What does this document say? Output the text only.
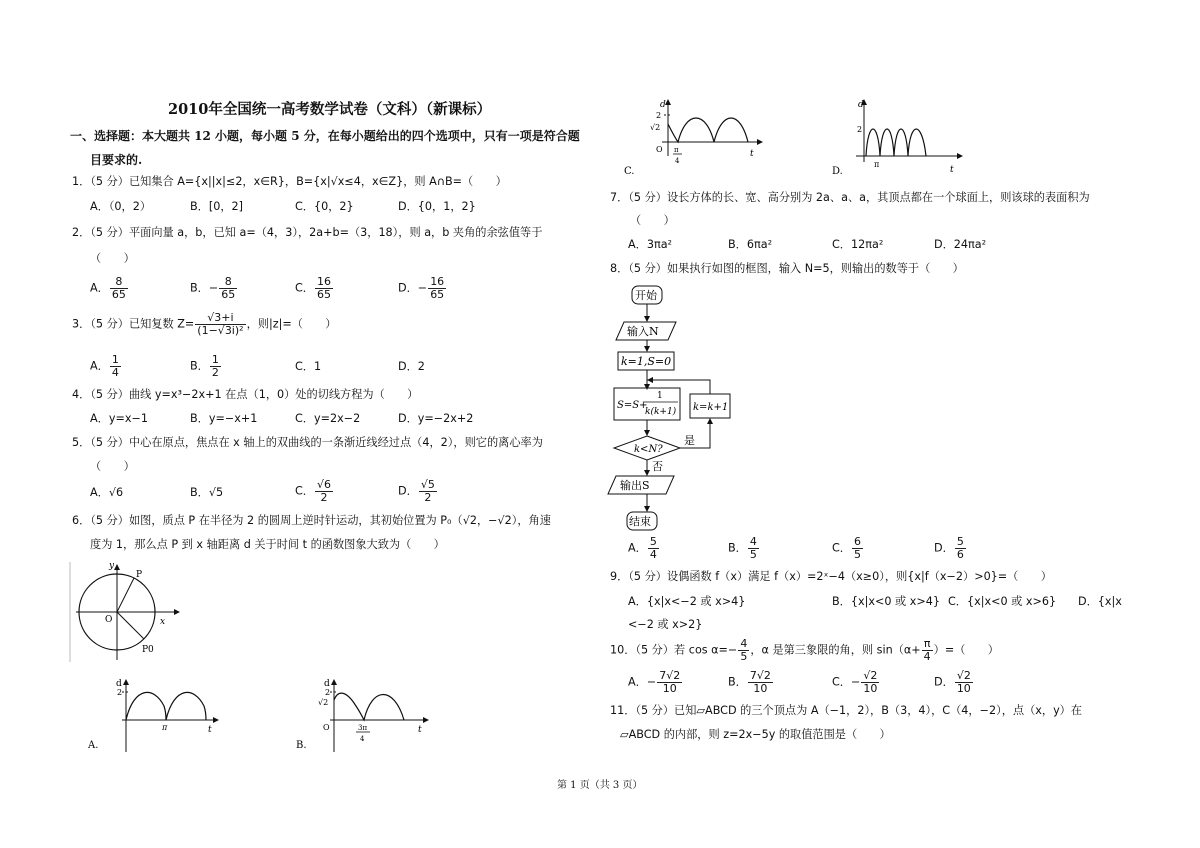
2010年全国统一高考数学试卷（文科）（新课标）
一、选择题：本大题共 12 小题，每小题 5 分，在每小题给出的四个选项中，只有一项是符合题
目要求的.
1．（5 分）已知集合 A={x||x|≤2，x∈R}，B={x|√x≤4，x∈Z}，则 A∩B=（　　）
A．（0，2）	B．[0，2]	C．{0，2}	D．{0，1，2}
2．（5 分）平面向量 a，b，已知 a=（4，3），2a+b=（3，18），则 a，b 夹角的余弦值等于
（　　）
A． $\frac{8}{65}$	B．− $\frac{8}{65}$	C． $\frac{16}{65}$	D．− $\frac{16}{65}$
3．（5 分）已知复数 $Z= \frac{√3+i}{\text{(1−√3i)²}}$ ，则|z|=（　　）
A． $\frac{1}{4}$	B． $\frac{1}{2}$	C．1	D．2
4．（5 分）曲线 y=x³−2x+1 在点（1，0）处的切线方程为（　　）
A．y=x−1	B．y=−x+1	C．y=2x−2	D．y=−2x+2
5．（5 分）中心在原点，焦点在 x 轴上的双曲线的一条渐近线经过点（4，2），则它的离心率为
（　　）
A．√6	B．√5	C． $\frac{√6}{2}$	D． $\frac{√5}{2}$
6．（5 分）如图，质点 P 在半径为 2 的圆周上逆时针运动，其初始位置为 P₀（√2，−√2），角速
度为 1，那么点 P 到 x 轴距离 d 关于时间 t 的函数图象大致为（　　）
y
x
O
P
P0
d
2
π	t
A.
d
2
√2
O	3π
4
t
B.
d
2
√2
O π
4
t
C.
d
2
π
t
D.
7．（5 分）设长方体的长、宽、高分别为 2a、a、a，其顶点都在一个球面上，则该球的表面积为
（　　）
A．3πa²	B．6πa²	C．12πa²	D．24πa²
8．（5 分）如果执行如图的框图，输入 N=5，则输出的数等于（　　）
开始
输入N
k=1,S=0
S=S+
1
k(k+1)
k<N?
是
k=k+1
否
输出S
结束
A． $\frac{5}{4}$	B． $\frac{4}{5}$	C． $\frac{6}{5}$	D． $\frac{5}{6}$
9．（5 分）设偶函数 f（x）满足 f（x）=2ˣ−4（x≥0），则{x|f（x−2）>0}=（　　）
A．{x|x<−2 或 x>4}	B．{x|x<0 或 x>4} C．{x|x<0 或 x>6} D．{x|x
<−2 或 x>2}
10．（5 分）若 $\cos \alpha=- \frac{4}{5}$ ，α 是第三象限的角，则 $\sin(\alpha+ \frac{\pi}{4}$ ）=（　　）
A．− $\frac{7√2}{10}$	B． $\frac{7√2}{10}$	C．− $\frac{√2}{10}$	D． $\frac{√2}{10}$
11．（5 分）已知▱ABCD 的三个顶点为 A（−1，2），B（3，4），C（4，−2），点（x，y）在
▱ABCD 的内部，则 z=2x−5y 的取值范围是（　　）
第 1 页（共 3 页）
